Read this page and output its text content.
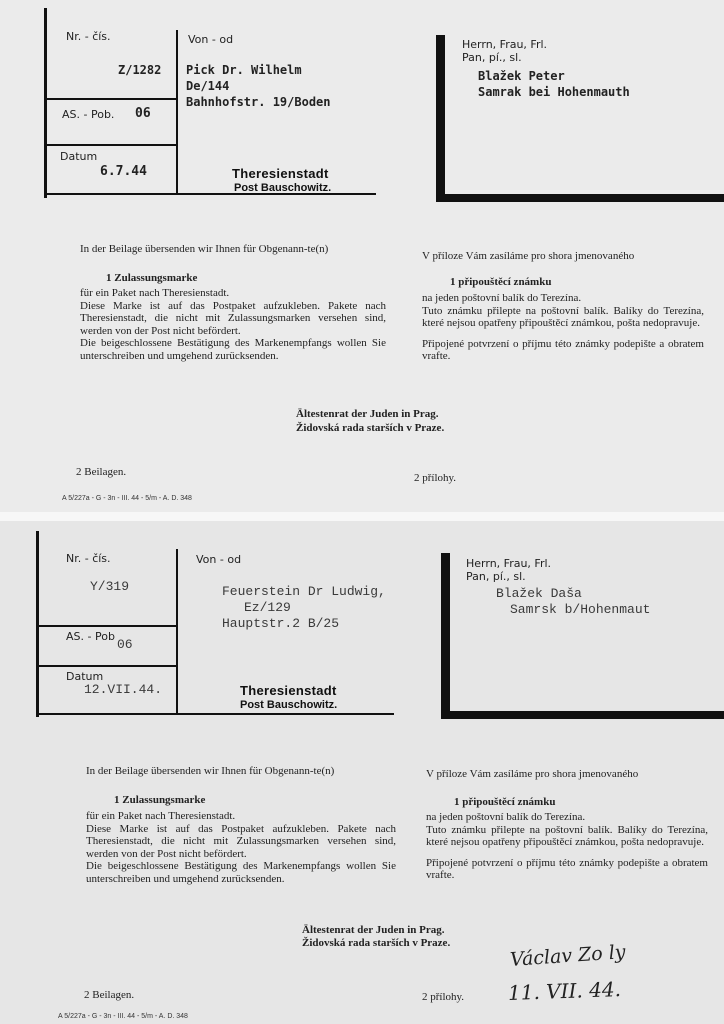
Nr. - čís.
Z/1282
AS. - Pob. 06
Datum
6.7.44
Von - od
Pick Dr. Wilhelm
De/144
Bahnhofstr. 19/Boden
Theresienstadt
Post Bauschowitz.
Herrn, Frau, Frl.
Pan, pí., sl.
Blažek Peter
Samrak bei Hohenmauth
In der Beilage übersenden wir Ihnen für Obgenann-te(n)
1 Zulassungsmarke

für ein Paket nach Theresienstadt.

Diese Marke ist auf das Postpaket aufzukleben. Pakete nach Theresienstadt, die nicht mit Zulassungsmarken versehen sind, werden von der Post nicht befördert.

Die beigeschlossene Bestätigung des Markenempfangs wollen Sie unterschreiben und umgehend zurücksenden.

V příloze Vám zasíláme pro shora jmenovaného
1 připouštěcí známku

na jeden poštovní balík do Terezína.

Tuto známku přilepte na poštovní balík. Balíky do Terezína, které nejsou opatřeny připouštěcí známkou, pošta nedopravuje.

Připojené potvrzení o příjmu této známky podepište a obratem vrafte.

Ältestenrat der Juden in Prag.
Židovská rada starších v Praze.
2 Beilagen.	2 přílohy.
A 5/227a - G - 3n - III. 44 - 5/m - A. D. 348
Nr. - čís.
Y/319
AS. - Pob
06
Datum
12.VII.44.
Von - od
Feuerstein Dr Ludwig,
Ez/129
Hauptstr.2 B/25
Theresienstadt
Post Bauschowitz.
Herrn, Frau, Frl.
Pan, pí., sl.
Blažek Daša
Samrsk b/Hohenmaut
In der Beilage übersenden wir Ihnen für Obgenann-te(n)
1 Zulassungsmarke

für ein Paket nach Theresienstadt.

Diese Marke ist auf das Postpaket aufzukleben. Pakete nach Theresienstadt, die nicht mit Zulassungsmarken versehen sind, werden von der Post nicht befördert.

Die beigeschlossene Bestätigung des Markenempfangs wollen Sie unterschreiben und umgehend zurücksenden.

V příloze Vám zasíláme pro shora jmenovaného
1 připouštěcí známku

na jeden poštovní balík do Terezína.

Tuto známku přilepte na poštovní balík. Balíky do Terezína, které nejsou opatřeny připouštěcí známkou, pošta nedopravuje.

Připojené potvrzení o příjmu této známky podepište a obratem vrafte.

Ältestenrat der Juden in Prag.
Židovská rada starších v Praze.	Václav Zo ly
11. VII. 44.
2 Beilagen.	2 přílohy.
A 5/227a - G - 3n - III. 44 - 5/m - A. D. 348
